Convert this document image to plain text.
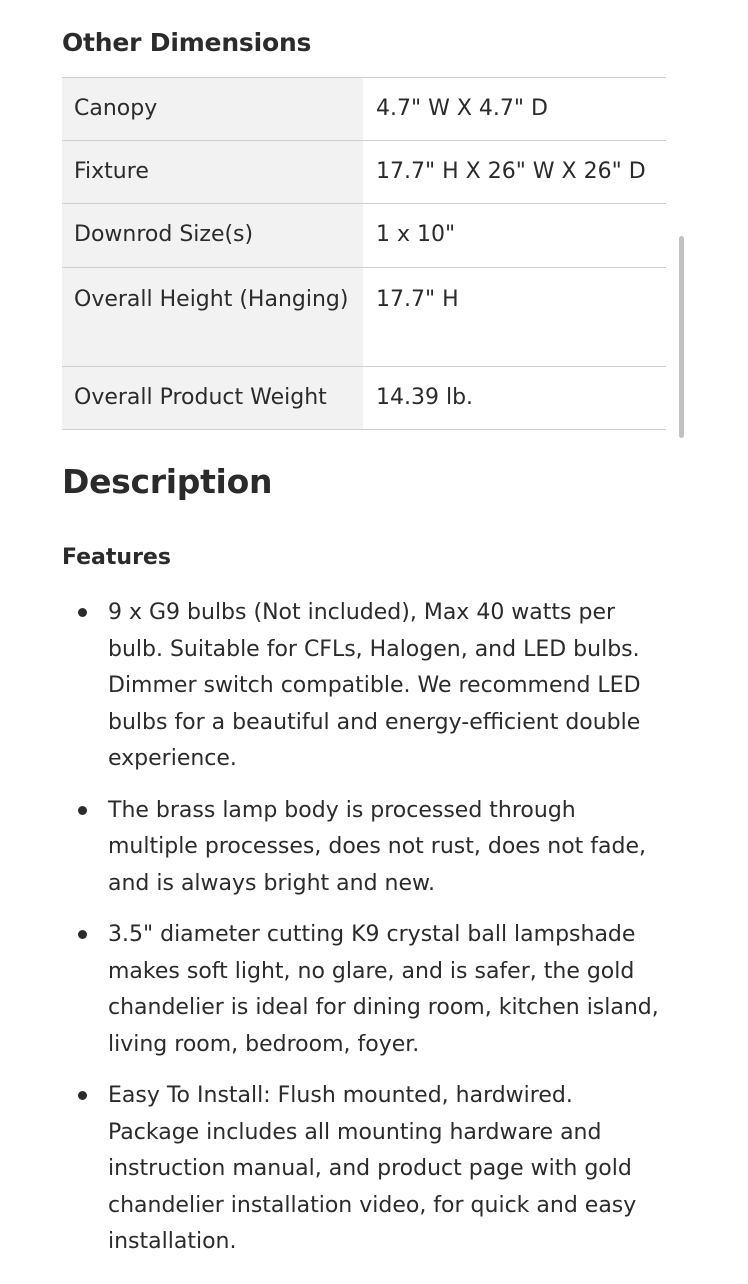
Other Dimensions
Canopy	4.7" W X 4.7" D
Fixture	17.7" H X 26" W X 26" D
Downrod Size(s)	1 x 10"
Overall Height (Hanging)	17.7" H
Overall Product Weight	14.39 lb.
Description
Features
9 x G9 bulbs (Not included), Max 40 watts per bulb. Suitable for CFLs, Halogen, and LED bulbs. Dimmer switch compatible. We recommend LED bulbs for a beautiful and energy-efficient double experience.
The brass lamp body is processed through multiple processes, does not rust, does not fade, and is always bright and new.
3.5" diameter cutting K9 crystal ball lampshade makes soft light, no glare, and is safer, the gold chandelier is ideal for dining room, kitchen island, living room, bedroom, foyer.
Easy To Install: Flush mounted, hardwired. Package includes all mounting hardware and instruction manual, and product page with gold chandelier installation video, for quick and easy installation.
